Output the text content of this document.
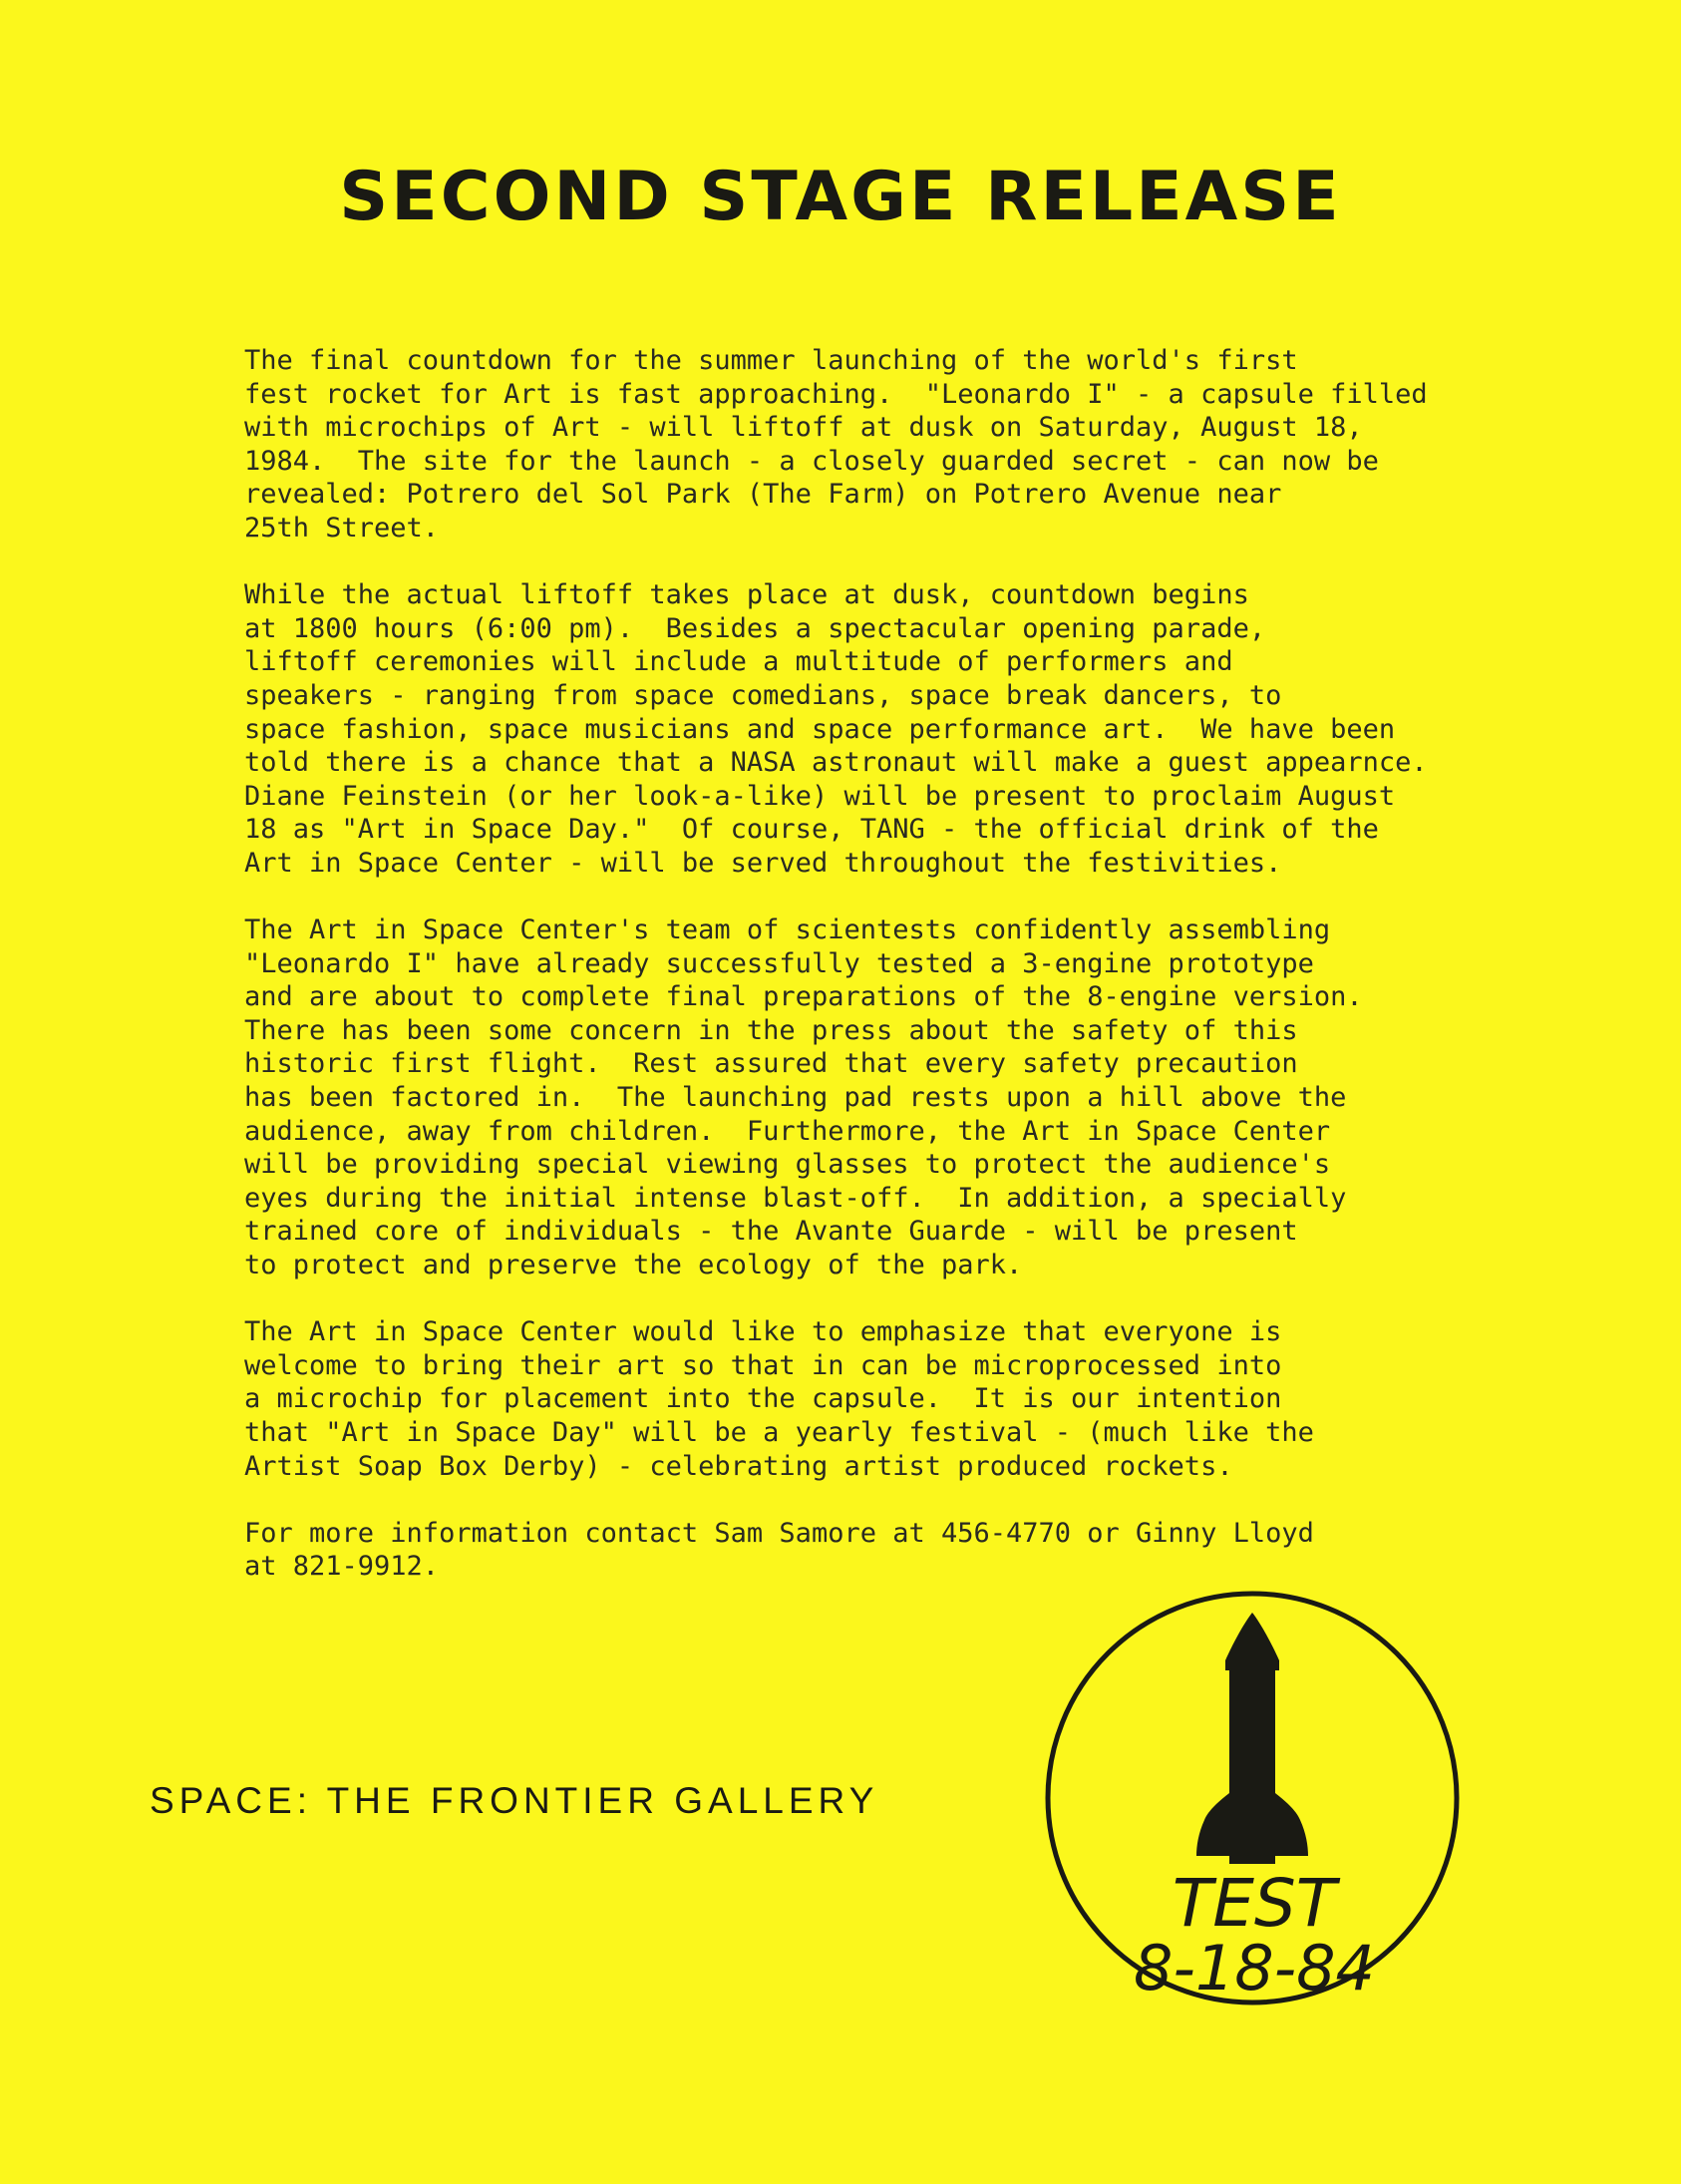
SECOND STAGE RELEASE

The final countdown for the summer launching of the world's first
fest rocket for Art is fast approaching.  "Leonardo I" - a capsule filled
with microchips of Art - will liftoff at dusk on Saturday, August 18,
1984.  The site for the launch - a closely guarded secret - can now be
revealed: Potrero del Sol Park (The Farm) on Potrero Avenue near
25th Street.

While the actual liftoff takes place at dusk, countdown begins
at 1800 hours (6:00 pm).  Besides a spectacular opening parade,
liftoff ceremonies will include a multitude of performers and
speakers - ranging from space comedians, space break dancers, to
space fashion, space musicians and space performance art.  We have been
told there is a chance that a NASA astronaut will make a guest appearnce.
Diane Feinstein (or her look-a-like) will be present to proclaim August
18 as "Art in Space Day."  Of course, TANG - the official drink of the
Art in Space Center - will be served throughout the festivities.

The Art in Space Center's team of scientests confidently assembling
"Leonardo I" have already successfully tested a 3-engine prototype
and are about to complete final preparations of the 8-engine version.
There has been some concern in the press about the safety of this
historic first flight.  Rest assured that every safety precaution
has been factored in.  The launching pad rests upon a hill above the
audience, away from children.  Furthermore, the Art in Space Center
will be providing special viewing glasses to protect the audience's
eyes during the initial intense blast-off.  In addition, a specially
trained core of individuals - the Avante Guarde - will be present
to protect and preserve the ecology of the park.

The Art in Space Center would like to emphasize that everyone is
welcome to bring their art so that in can be microprocessed into
a microchip for placement into the capsule.  It is our intention
that "Art in Space Day" will be a yearly festival - (much like the
Artist Soap Box Derby) - celebrating artist produced rockets.

For more information contact Sam Samore at 456-4770 or Ginny Lloyd
at 821-9912.

SPACE: THE FRONTIER GALLERY
TEST
8-18-84
